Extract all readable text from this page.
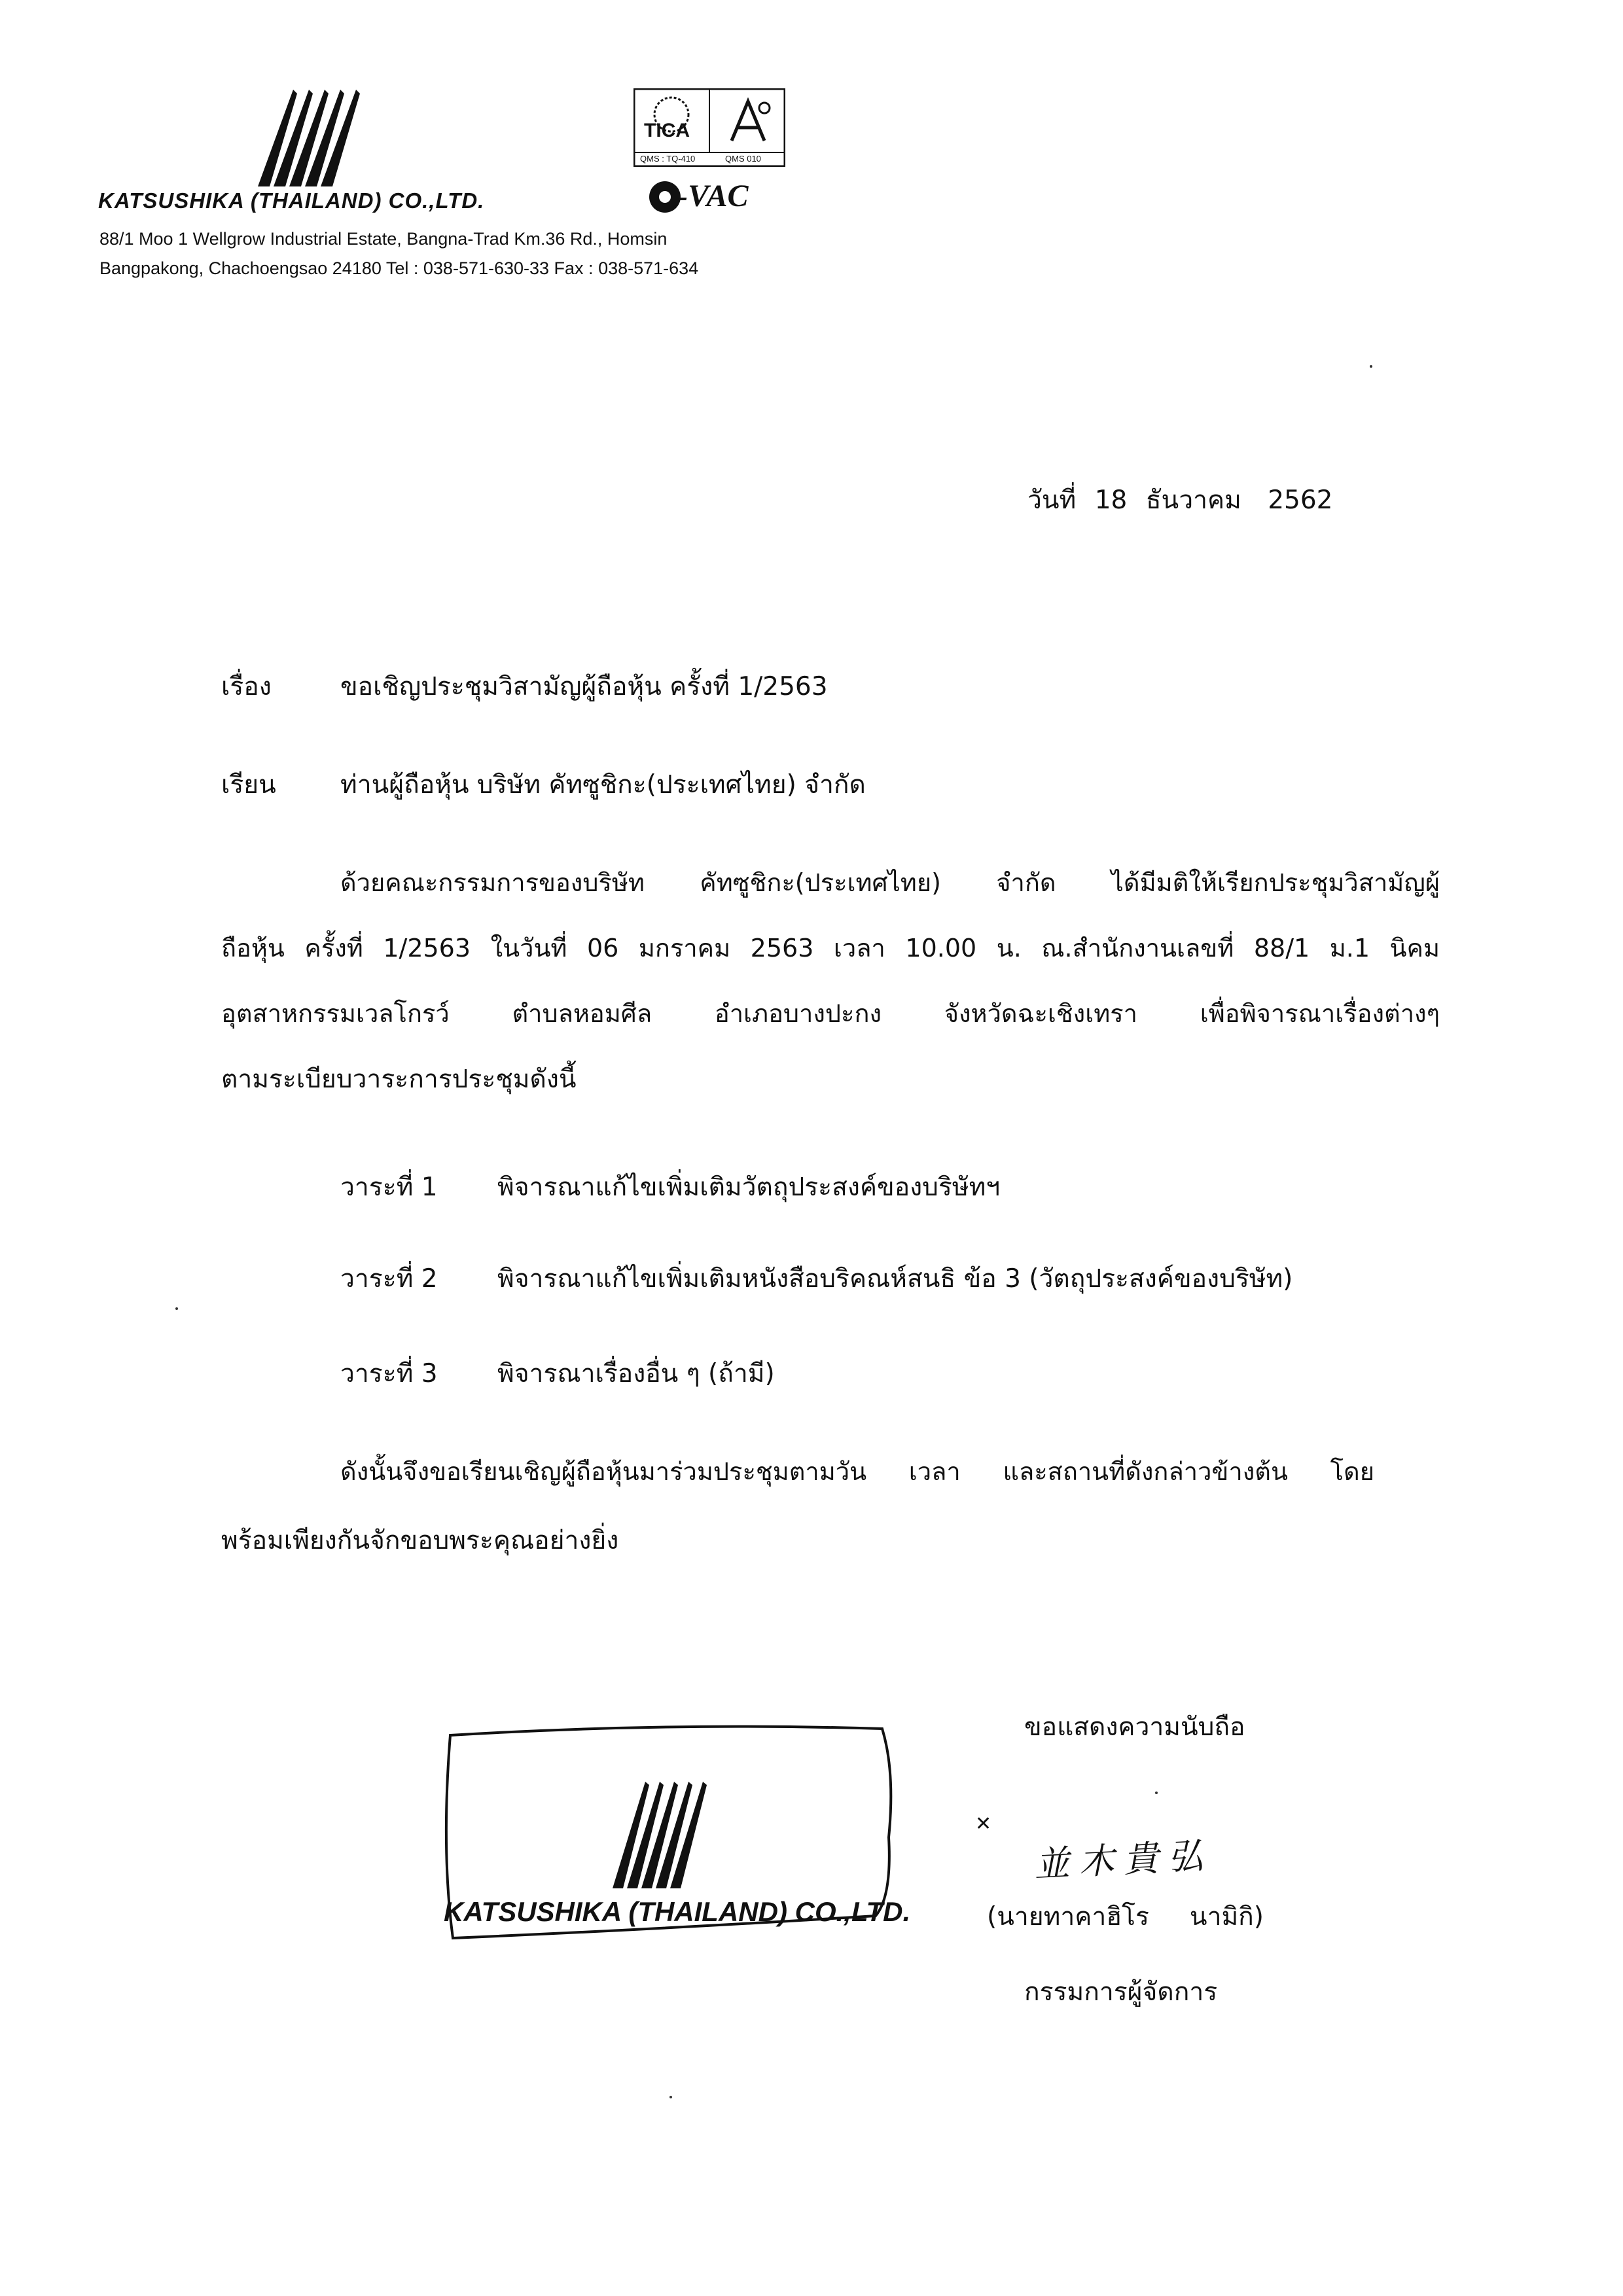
KATSUSHIKA (THAILAND) CO.,LTD.
88/1 Moo 1 Wellgrow Industrial Estate, Bangna-Trad Km.36 Rd., Homsin
Bangpakong, Chachoengsao 24180 Tel : 038-571-630-33 Fax : 038-571-634
TICA
QMS : TQ-410	QMS 010
-VAC
วันที่ 18 ธันวาคม 2562
เรื่อง	ขอเชิญประชุมวิสามัญผู้ถือหุ้น ครั้งที่ 1/2563
เรียน	ท่านผู้ถือหุ้น บริษัท คัทซูชิกะ(ประเทศไทย) จำกัด
ด้วยคณะกรรมการของบริษัท คัทซูชิกะ(ประเทศไทย) จำกัด ได้มีมติให้เรียกประชุมวิสามัญผู้
ถือหุ้น ครั้งที่ 1/2563 ในวันที่ 06 มกราคม 2563 เวลา 10.00 น. ณ.สำนักงานเลขที่ 88/1 ม.1 นิคม
อุตสาหกรรมเวลโกรว์ ตำบลหอมศีล อำเภอบางปะกง จังหวัดฉะเชิงเทรา เพื่อพิจารณาเรื่องต่างๆ
ตามระเบียบวาระการประชุมดังนี้
วาระที่ 1 พิจารณาแก้ไขเพิ่มเติมวัตถุประสงค์ของบริษัทฯ
วาระที่ 2 พิจารณาแก้ไขเพิ่มเติมหนังสือบริคณห์สนธิ ข้อ 3 (วัตถุประสงค์ของบริษัท)
วาระที่ 3 พิจารณาเรื่องอื่น ๆ (ถ้ามี)
ดังนั้นจึงขอเรียนเชิญผู้ถือหุ้นมาร่วมประชุมตามวัน เวลา และสถานที่ดังกล่าวข้างต้น โดย
พร้อมเพียงกันจักขอบพระคุณอย่างยิ่ง
KATSUSHIKA (THAILAND) CO.,LTD.
ขอแสดงความนับถือ
✕
並木貴弘
(นายทาคาฮิโร     นามิกิ)
กรรมการผู้จัดการ
